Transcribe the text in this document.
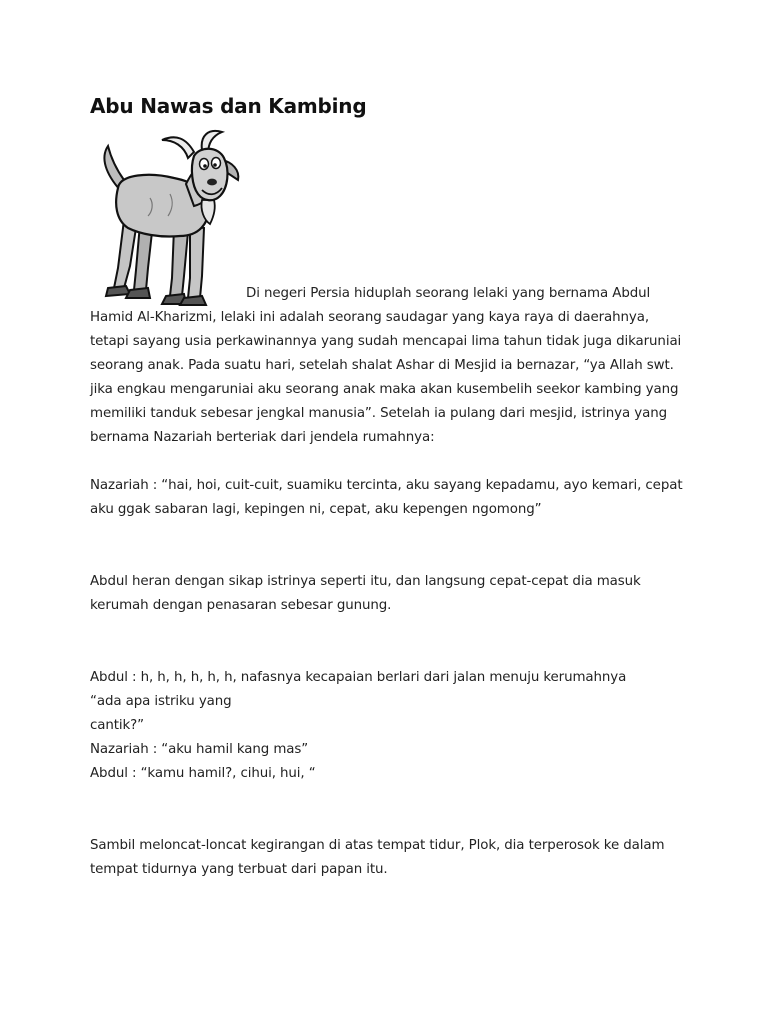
Abu Nawas dan Kambing

Di negeri Persia hiduplah seorang lelaki yang bernama Abdul Hamid Al-Kharizmi, lelaki ini adalah seorang saudagar yang kaya raya di daerahnya, tetapi sayang usia perkawinannya yang sudah mencapai lima tahun tidak juga dikaruniai seorang anak. Pada suatu hari, setelah shalat Ashar di Mesjid ia bernazar, “ya Allah swt. jika engkau mengaruniai aku seorang anak maka akan kusembelih seekor kambing yang memiliki tanduk sebesar jengkal manusia”. Setelah ia pulang dari mesjid, istrinya yang bernama Nazariah berteriak dari jendela rumahnya:

Nazariah : “hai, hoi, cuit-cuit, suamiku tercinta, aku sayang kepadamu, ayo kemari, cepat aku ggak sabaran lagi, kepingen ni, cepat, aku kepengen ngomong”

Abdul heran dengan sikap istrinya seperti itu, dan langsung cepat-cepat dia masuk kerumah dengan penasaran sebesar gunung.

Abdul : h, h, h, h, h, h, nafasnya kecapaian berlari dari jalan menuju kerumahnya

“ada apa istriku yang

cantik?”

Nazariah : “aku hamil kang mas”

Abdul : “kamu hamil?, cihui, hui, “

Sambil meloncat-loncat kegirangan di atas tempat tidur, Plok, dia terperosok ke dalam tempat tidurnya yang terbuat dari papan itu.
